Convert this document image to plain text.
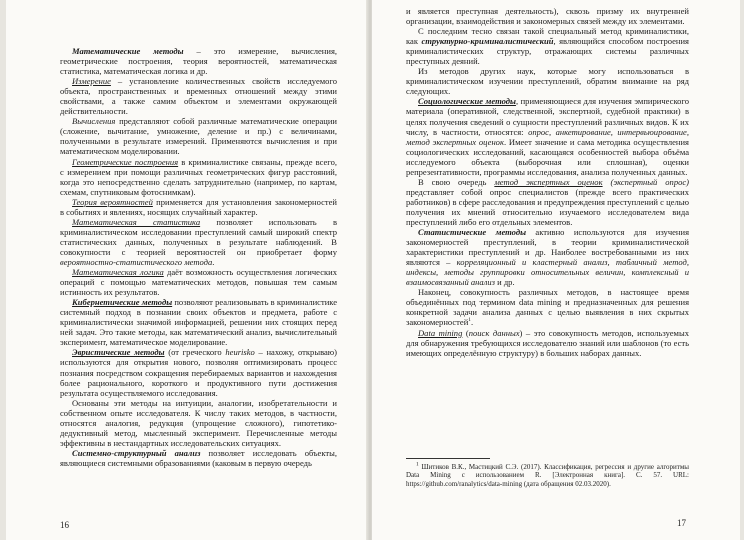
Математические методы – это измерение, вычисления, геометрические построения, теория вероятностей, математическая статистика, математическая логика и др.

Измерение – установление количественных свойств исследуемого объекта, пространственных и временных отношений между этими свойствами, а также самим объектом и элементами окружающей действительности.

Вычисления представляют собой различные математические операции (сложение, вычитание, умножение, деление и пр.) с величинами, полученными в результате измерений. Применяются вычисления и при математическом моделировании.

Геометрические построения в криминалистике связаны, прежде всего, с измерением при помощи различных геометрических фигур расстояний, когда это непосредственно сделать затруднительно (например, по картам, схемам, спутниковым фотоснимкам).

Теория вероятностей применяется для установления закономерностей в событиях и явлениях, носящих случайный характер.

Математическая статистика позволяет использовать в криминалистическом исследовании преступлений самый широкий спектр статистических данных, полученных в результате наблюдений. В совокупности с теорией вероятностей он приобретает форму вероятностно-статистического метода.

Математическая логика даёт возможность осуществления логических операций с помощью математических методов, повышая тем самым истинность их результатов.

Кибернетические методы позволяют реализовывать в криминалистике системный подход в познании своих объектов и предмета, работе с криминалистически значимой информацией, решении них стоящих перед ней задач. Это такие методы, как математический анализ, вычислительный эксперимент, математическое моделирование.

Эвристические методы (от греческого heurisko – нахожу, открываю) используются для открытия нового, позволяя оптимизировать процесс познания посредством сокращения перебираемых вариантов и нахождения более рационального, короткого и продуктивного пути достижения результата осуществляемого исследования.

Основаны эти методы на интуиции, аналогии, изобретательности и собственном опыте исследователя. К числу таких методов, в частности, относятся аналогия, редукция (упрощение сложного), гипотетико-дедуктивный метод, мысленный эксперимент. Перечисленные методы эффективны в нестандартных исследовательских ситуациях.

Системно-структурный анализ позволяет исследовать объекты, являющиеся системными образованиями (каковым в первую очередь

16

и является преступная деятельность), сквозь призму их внутренней организации, взаимодействия и закономерных связей между их элементами.

С последним тесно связан такой специальный метод криминалистики, как структурно-криминалистический, являющийся способом построения криминалистических структур, отражающих системы различных преступных деяний.

Из методов других наук, которые могу использоваться в криминалистическом изучении преступлений, обратим внимание на ряд следующих.

Социологические методы, применяющиеся для изучения эмпирического материала (оперативной, следственной, экспертной, судебной практики) в целях получения сведений о сущности преступлений различных видов. К их числу, в частности, относятся: опрос, анкетирование, интервьюирование, метод экспертных оценок. Имеет значение и сама методика осуществления социологических исследований, касающаяся особенностей выбора объёма исследуемого объекта (выборочная или сплошная), оценки репрезентативности, программы исследования, анализа полученных данных.

В свою очередь метод экспертных оценок (экспертный опрос) представляет собой опрос специалистов (прежде всего практических работников) в сфере расследования и предупреждения преступлений с целью получения их мнений относительно изучаемого исследователем вида преступлений либо его отдельных элементов.

Статистические методы активно используются для изучения закономерностей преступлений, в теории криминалистической характеристики преступлений и др. Наиболее востребованными из них являются – корреляционный и кластерный анализ, табличный метод, индексы, методы группировки относительных величин, комплексный и взаимосвязанный анализ и др.

Наконец, совокупность различных методов, в настоящее время объединённых под термином data mining и предназначенных для решения конкретной задачи анализа данных с целью выявления в них скрытых закономерностей$^1$.

Data mining (поиск данных) – это совокупность методов, используемых для обнаружения требующихся исследователю знаний или шаблонов (то есть имеющих определённую структуру) в больших наборах данных.

$^1$ Шитиков В.К., Мастицкий С.Э. (2017). Классификация, регрессия и другие алгоритмы Data Mining с использованием R. [Электронная книга]. С. 57. URL: https://github.com/ranalytics/data-mining (дата обращения 02.03.2020).
17
